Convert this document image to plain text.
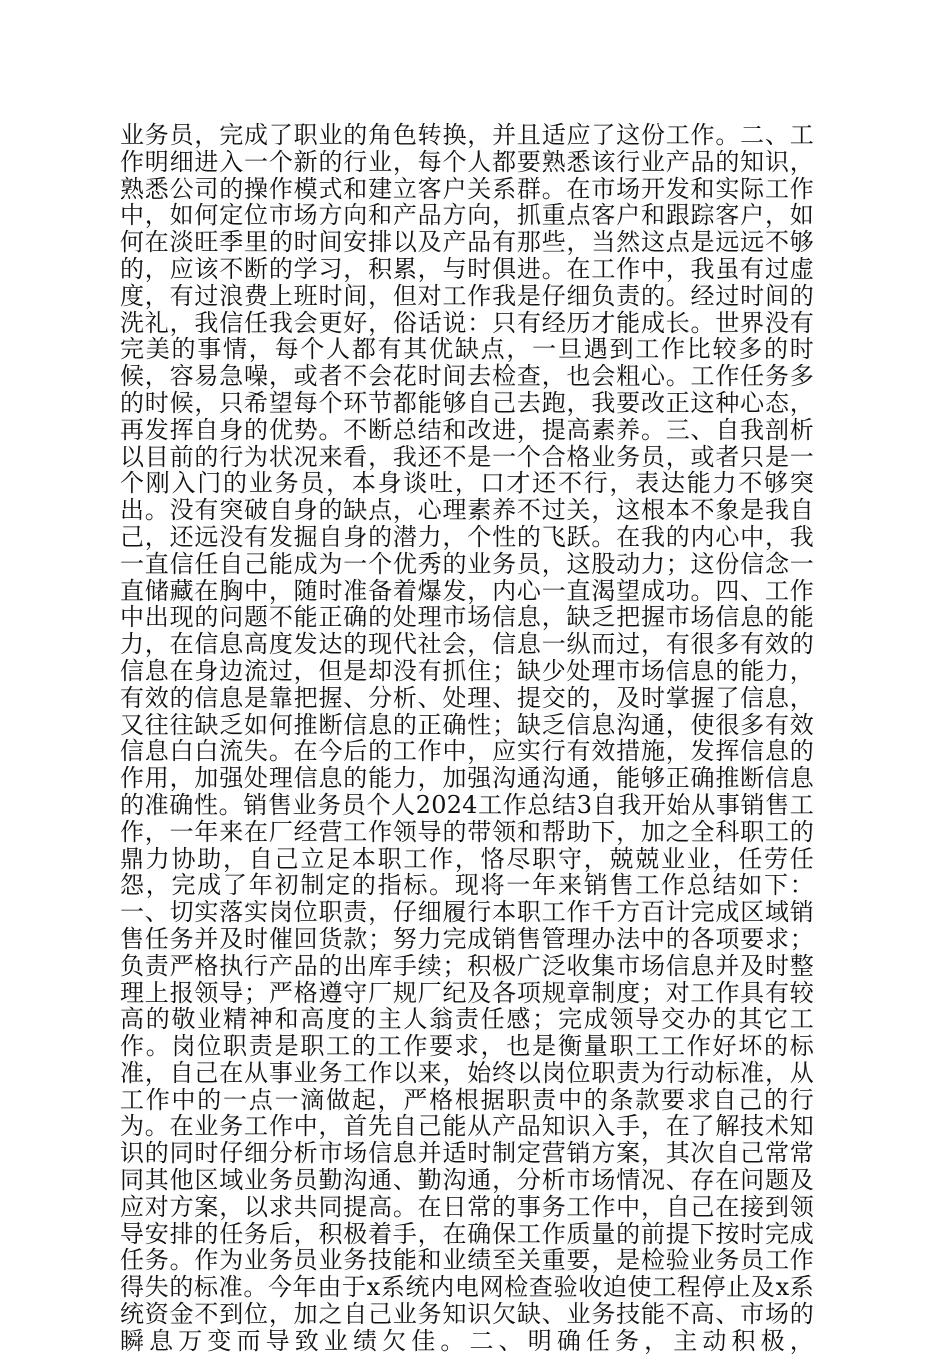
业务员，完成了职业的角色转换，并且适应了这份工作。二、工作明细进入一个新的行业，每个人都要熟悉该行业产品的知识，熟悉公司的操作模式和建立客户关系群。在市场开发和实际工作中，如何定位市场方向和产品方向，抓重点客户和跟踪客户，如何在淡旺季里的时间安排以及产品有那些，当然这点是远远不够的，应该不断的学习，积累，与时俱进。在工作中，我虽有过虚度，有过浪费上班时间，但对工作我是仔细负责的。经过时间的洗礼，我信任我会更好，俗话说：只有经历才能成长。世界没有完美的事情，每个人都有其优缺点，一旦遇到工作比较多的时候，容易急噪，或者不会花时间去检查，也会粗心。工作任务多的时候，只希望每个环节都能够自己去跑，我要改正这种心态，再发挥自身的优势。不断总结和改进，提高素养。三、自我剖析以目前的行为状况来看，我还不是一个合格业务员，或者只是一个刚入门的业务员，本身谈吐，口才还不行，表达能力不够突出。没有突破自身的缺点，心理素养不过关，这根本不象是我自己，还远没有发掘自身的潜力，个性的飞跃。在我的内心中，我一直信任自己能成为一个优秀的业务员，这股动力；这份信念一直储藏在胸中，随时准备着爆发，内心一直渴望成功。四、工作中出现的问题不能正确的处理市场信息，缺乏把握市场信息的能力，在信息高度发达的现代社会，信息一纵而过，有很多有效的信息在身边流过，但是却没有抓住；缺少处理市场信息的能力，有效的信息是靠把握、分析、处理、提交的，及时掌握了信息，又往往缺乏如何推断信息的正确性；缺乏信息沟通，使很多有效信息白白流失。在今后的工作中，应实行有效措施，发挥信息的作用，加强处理信息的能力，加强沟通沟通，能够正确推断信息的准确性。销售业务员个人2024工作总结3自我开始从事销售工作，一年来在厂经营工作领导的带领和帮助下，加之全科职工的鼎力协助，自己立足本职工作，恪尽职守，兢兢业业，任劳任怨，完成了年初制定的指标。现将一年来销售工作总结如下：一、切实落实岗位职责，仔细履行本职工作千方百计完成区域销售任务并及时催回货款；努力完成销售管理办法中的各项要求；负责严格执行产品的出库手续；积极广泛收集市场信息并及时整理上报领导；严格遵守厂规厂纪及各项规章制度；对工作具有较高的敬业精神和高度的主人翁责任感；完成领导交办的其它工作。岗位职责是职工的工作要求，也是衡量职工工作好坏的标准，自己在从事业务工作以来，始终以岗位职责为行动标准，从工作中的一点一滴做起，严格根据职责中的条款要求自己的行为。在业务工作中，首先自己能从产品知识入手，在了解技术知识的同时仔细分析市场信息并适时制定营销方案，其次自己常常同其他区域业务员勤沟通、勤沟通，分析市场情况、存在问题及应对方案，以求共同提高。在日常的事务工作中，自己在接到领导安排的任务后，积极着手，在确保工作质量的前提下按时完成任务。作为业务员业务技能和业绩至关重要，是检验业务员工作得失的标准。今年由于x系统内电网检查验收迫使工程停止及x系统资金不到位，加之自己业务知识欠缺、业务技能不高、市场的瞬息万变而导致业绩欠佳。二、明确任务，主动积极，
